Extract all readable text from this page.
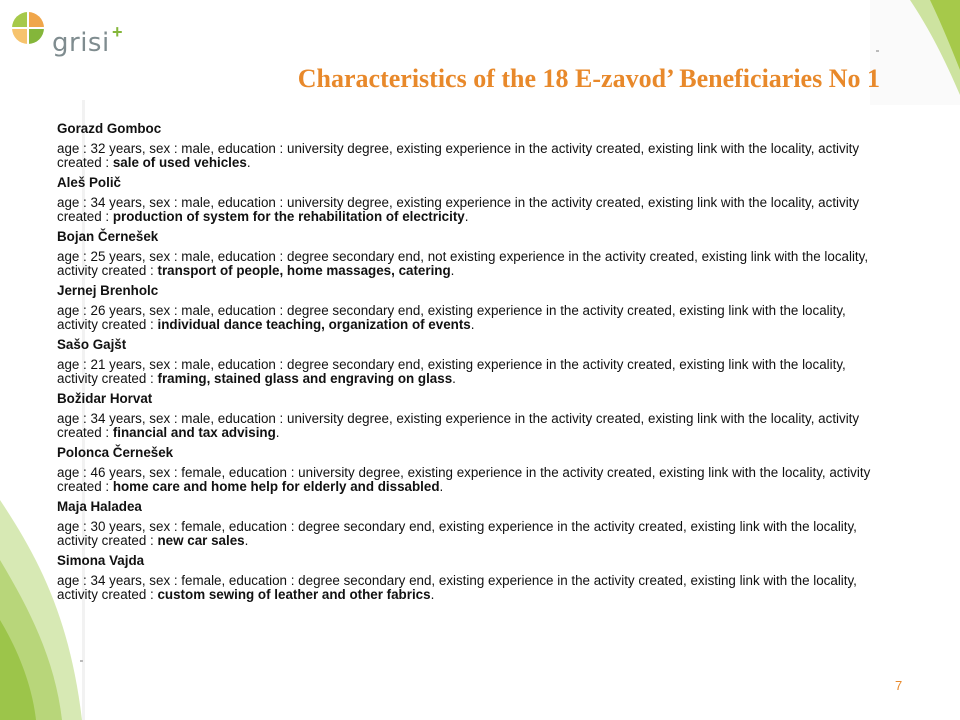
grisi +
Characteristics of the 18 E-zavod’ Beneficiaries No 1
Gorazd Gomboc
age : 32 years, sex : male, education : university degree, existing experience in the activity created, existing link with the locality, activity created : sale of used vehicles.
Aleš Polič
age : 34 years, sex : male, education : university degree, existing experience in the activity created, existing link with the locality, activity created : production of system for the rehabilitation of electricity.
Bojan Černešek
age : 25 years, sex : male, education : degree secondary end, not existing experience in the activity created, existing link with the locality, activity created : transport of people, home massages, catering.
Jernej Brenholc
age : 26 years, sex : male, education : degree secondary end, existing experience in the activity created, existing link with the locality, activity created : individual dance teaching, organization of events.
Sašo Gajšt
age : 21 years, sex : male, education : degree secondary end, existing experience in the activity created, existing link with the locality, activity created : framing, stained glass and engraving on glass.
Božidar Horvat
age : 34 years, sex : male, education : university degree, existing experience in the activity created, existing link with the locality, activity created : financial and tax advising.
Polonca Černešek
age : 46 years, sex : female, education : university degree, existing experience in the activity created, existing link with the locality, activity created : home care and home help for elderly and dissabled.
Maja Haladea
age : 30 years, sex : female, education : degree secondary end, existing experience in the activity created, existing link with the locality, activity created : new car sales.
Simona Vajda
age : 34 years, sex : female, education : degree secondary end, existing experience in the activity created, existing link with the locality, activity created : custom sewing of leather and other fabrics.
7
